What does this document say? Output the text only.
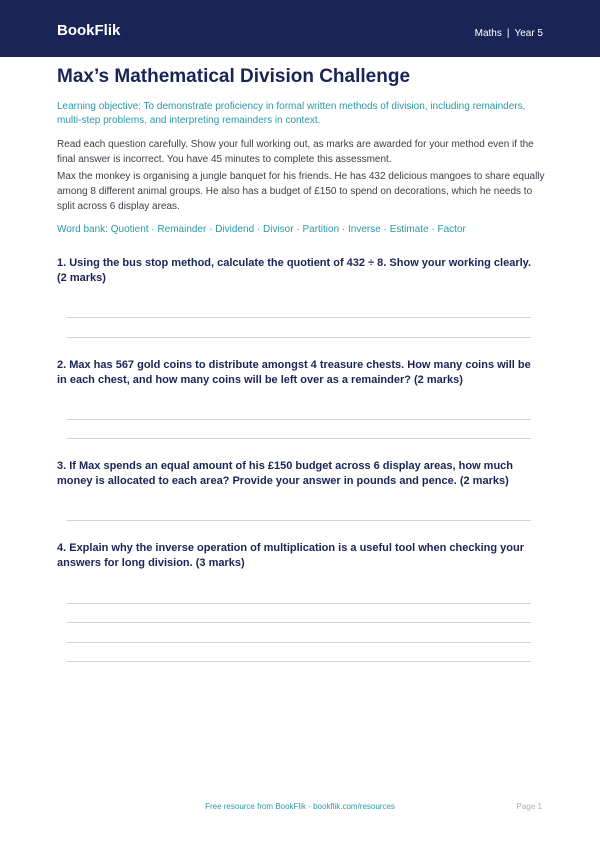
BookFlik	Maths | Year 5
Max’s Mathematical Division Challenge
Learning objective: To demonstrate proficiency in formal written methods of division, including remainders, multi-step problems, and interpreting remainders in context.
Read each question carefully. Show your full working out, as marks are awarded for your method even if the final answer is incorrect. You have 45 minutes to complete this assessment.
Max the monkey is organising a jungle banquet for his friends. He has 432 delicious mangoes to share equally among 8 different animal groups. He also has a budget of £150 to spend on decorations, which he needs to split across 6 display areas.
Word bank: Quotient · Remainder · Dividend · Divisor · Partition · Inverse · Estimate · Factor
1. Using the bus stop method, calculate the quotient of 432 ÷ 8. Show your working clearly. (2 marks)
2. Max has 567 gold coins to distribute amongst 4 treasure chests. How many coins will be in each chest, and how many coins will be left over as a remainder? (2 marks)
3. If Max spends an equal amount of his £150 budget across 6 display areas, how much money is allocated to each area? Provide your answer in pounds and pence. (2 marks)
4. Explain why the inverse operation of multiplication is a useful tool when checking your answers for long division. (3 marks)
Free resource from BookFlik · bookflik.com/resources	Page 1
